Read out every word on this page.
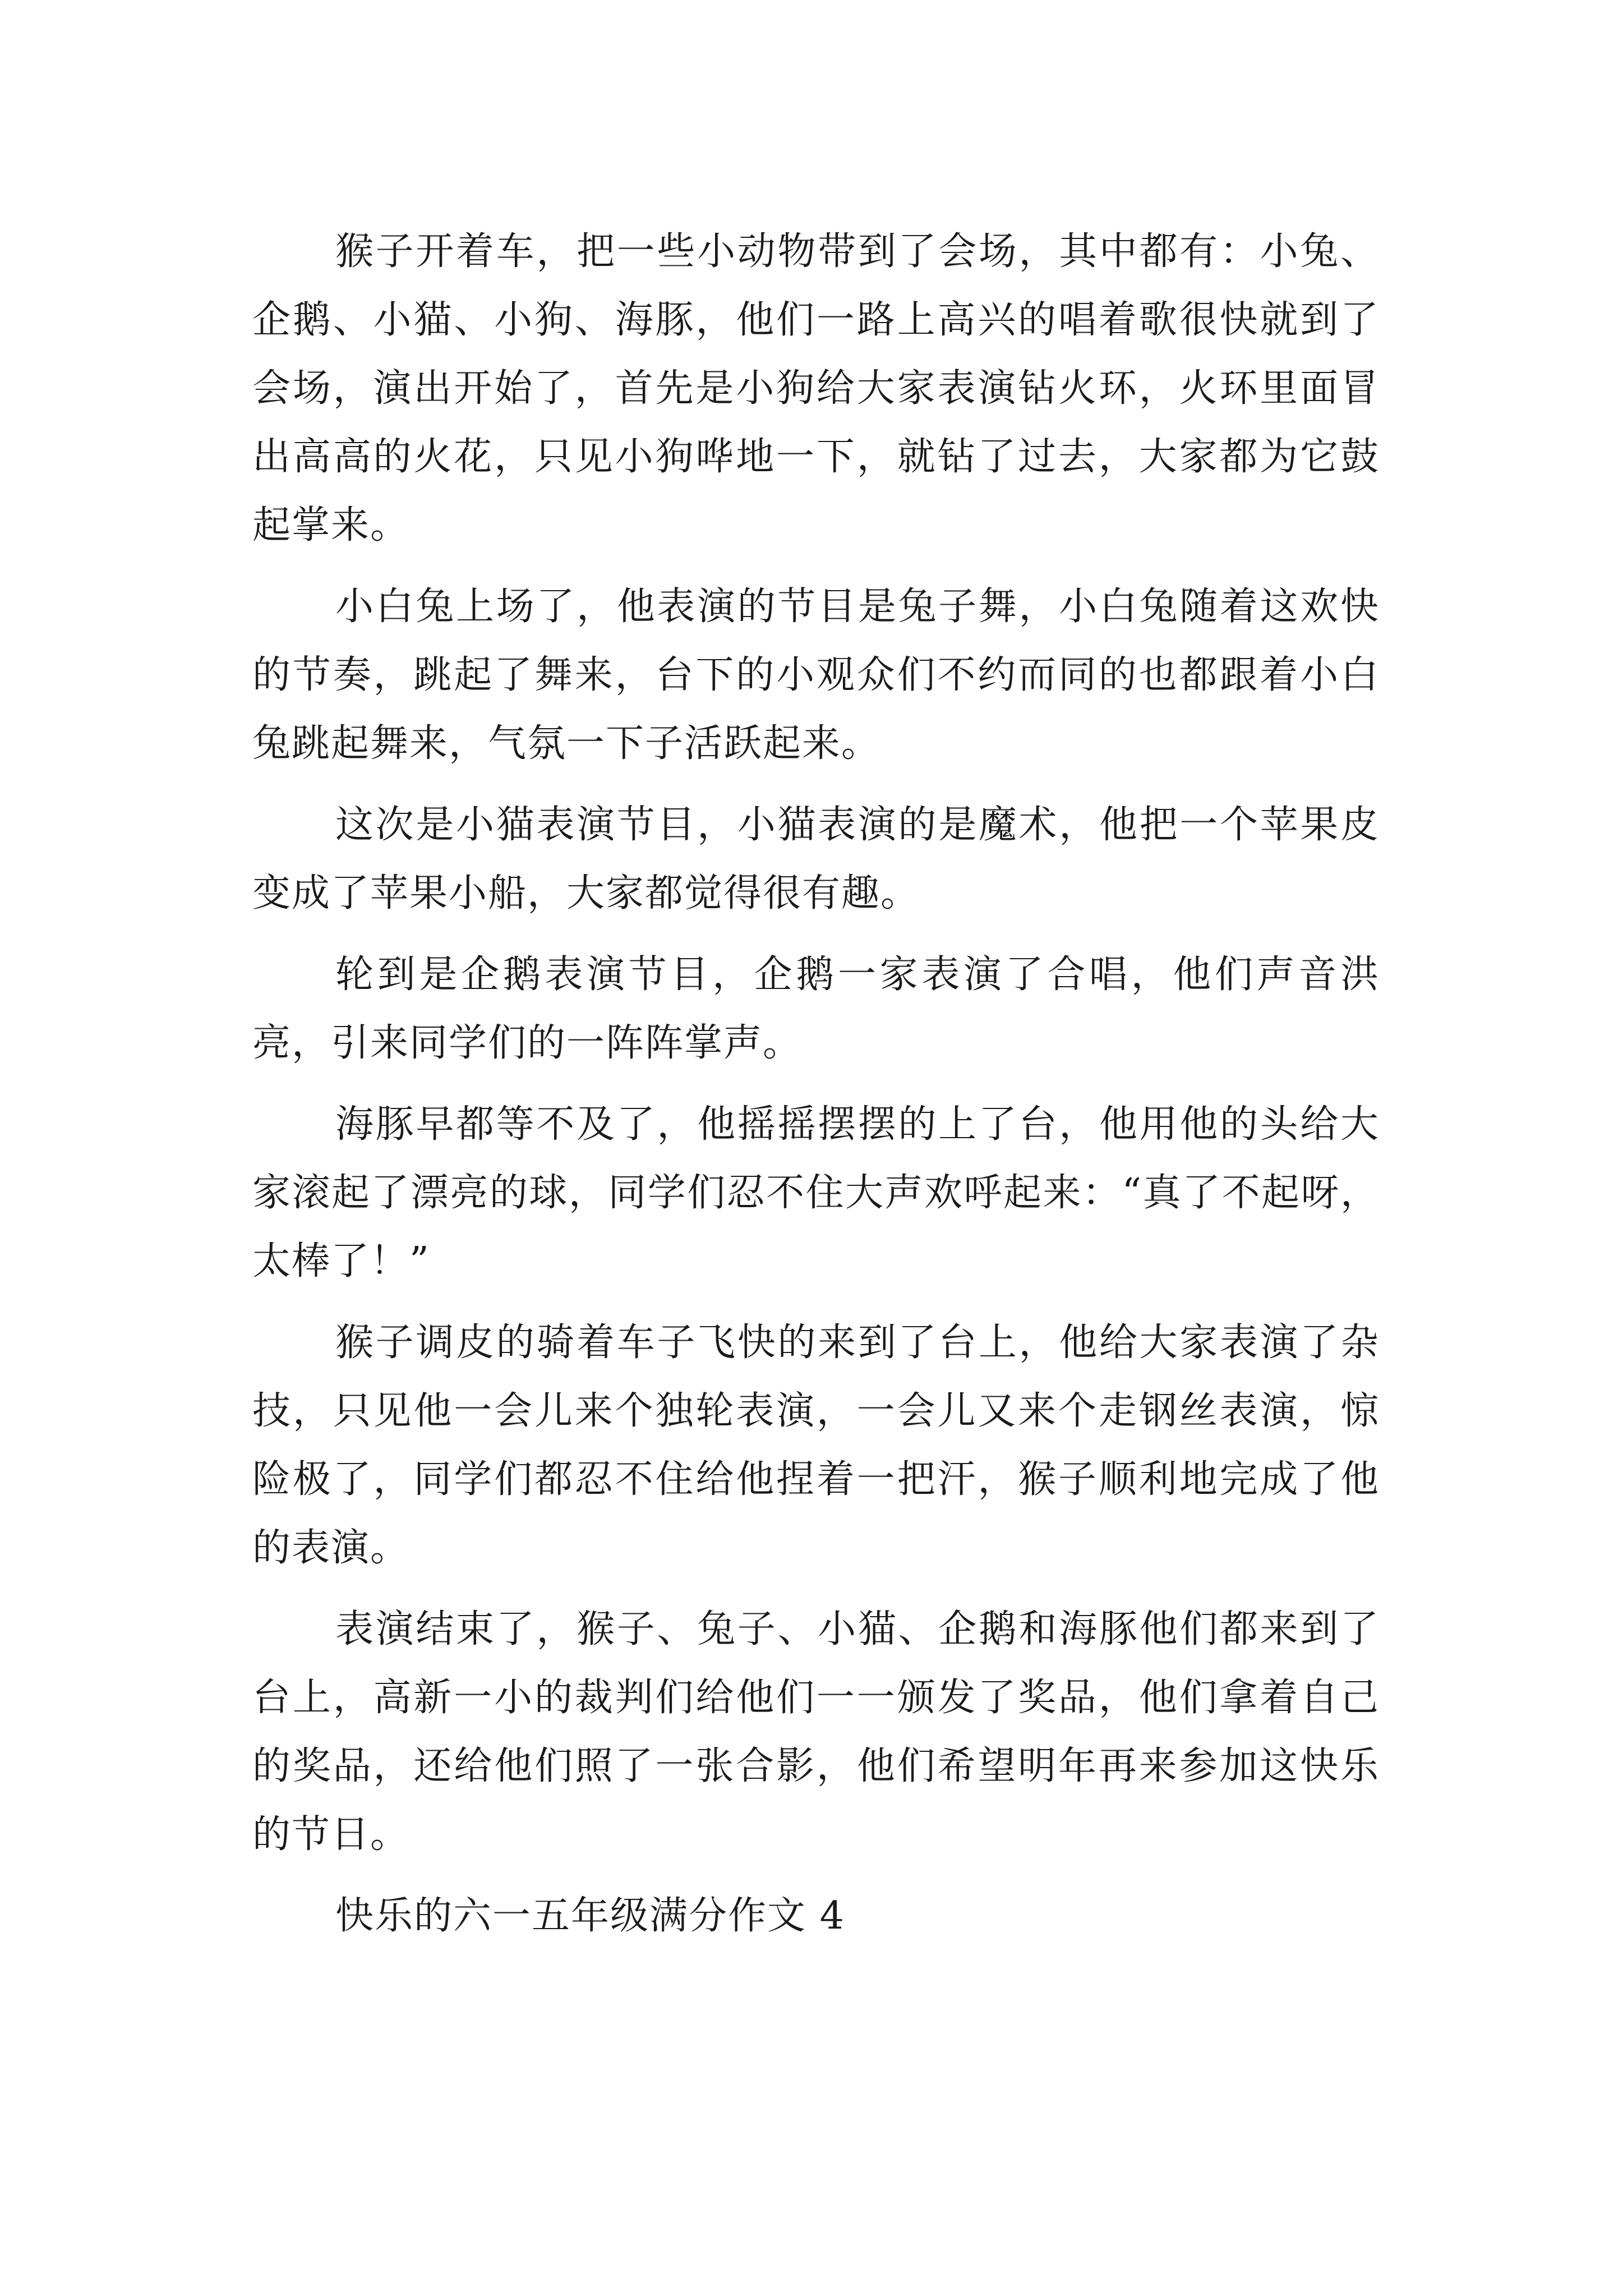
猴子开着车，把一些小动物带到了会场，其中都有：小兔、企鹅、小猫、小狗、海豚，他们一路上高兴的唱着歌很快就到了会场，演出开始了，首先是小狗给大家表演钻火环，火环里面冒出高高的火花，只见小狗哗地一下，就钻了过去，大家都为它鼓起掌来。

小白兔上场了，他表演的节目是兔子舞，小白兔随着这欢快的节奏，跳起了舞来，台下的小观众们不约而同的也都跟着小白兔跳起舞来，气氛一下子活跃起来。

这次是小猫表演节目，小猫表演的是魔术，他把一个苹果皮变成了苹果小船，大家都觉得很有趣。

轮到是企鹅表演节目，企鹅一家表演了合唱，他们声音洪亮，引来同学们的一阵阵掌声。

海豚早都等不及了，他摇摇摆摆的上了台，他用他的头给大家滚起了漂亮的球，同学们忍不住大声欢呼起来：“真了不起呀，太棒了！”

猴子调皮的骑着车子飞快的来到了台上，他给大家表演了杂技，只见他一会儿来个独轮表演，一会儿又来个走钢丝表演，惊险极了，同学们都忍不住给他捏着一把汗，猴子顺利地完成了他的表演。

表演结束了，猴子、兔子、小猫、企鹅和海豚他们都来到了台上，高新一小的裁判们给他们一一颁发了奖品，他们拿着自己的奖品，还给他们照了一张合影，他们希望明年再来参加这快乐的节日。

快乐的六一五年级满分作文 4
